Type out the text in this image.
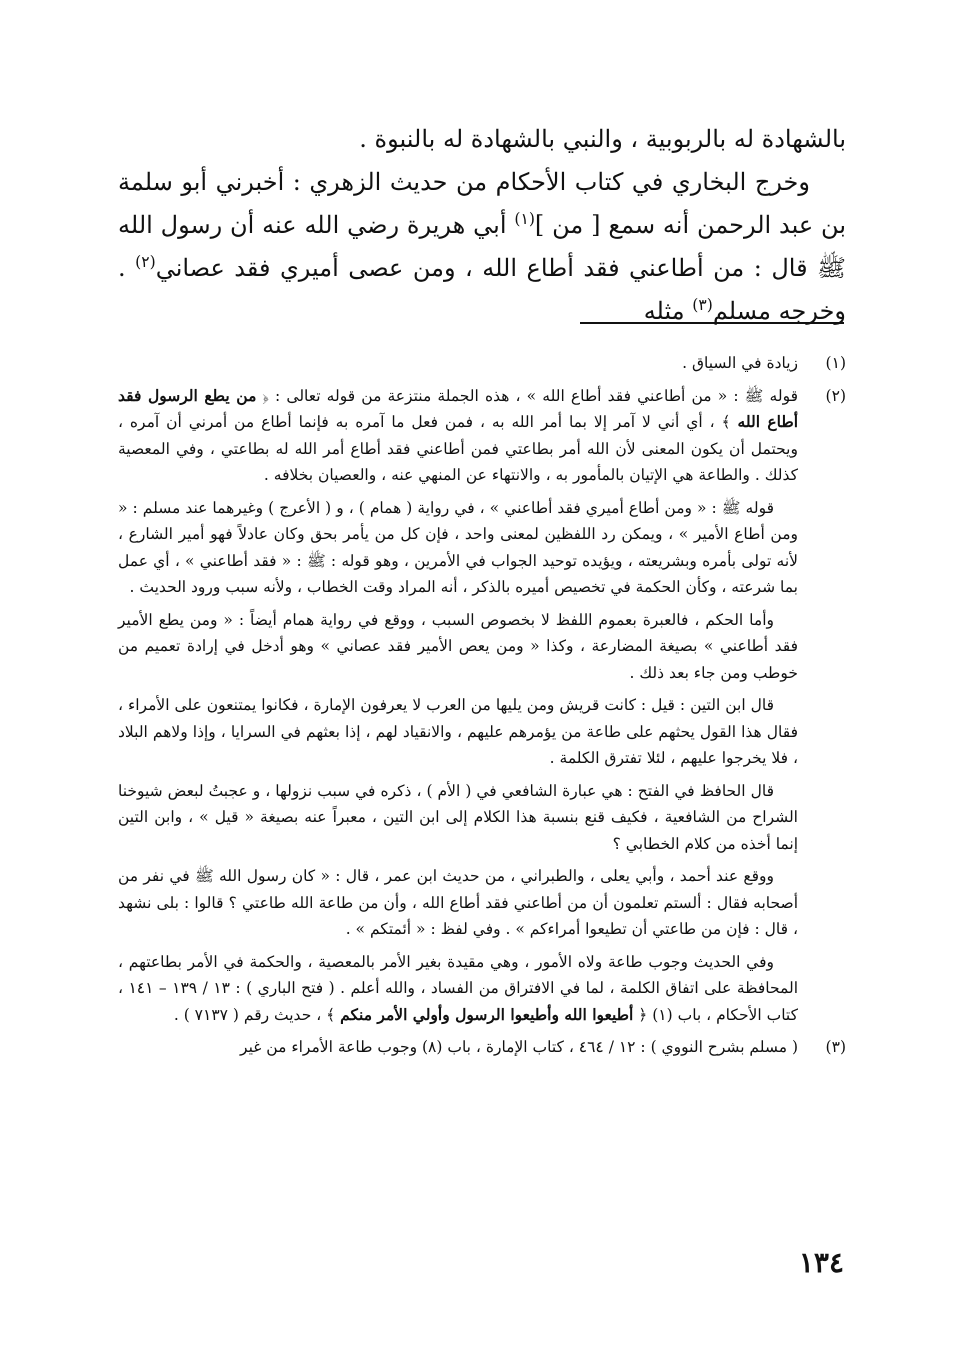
بالشهادة له بالربوبية ، والنبي بالشهادة له بالنبوة .

وخرج البخاري في كتاب الأحكام من حديث الزهري : أخبرني أبو سلمة بن عبد الرحمن أنه سمع [ من ]$^{(١)}$ أبي هريرة رضي الله عنه أن رسول الله ﷺ قال : من أطاعني فقد أطاع الله ، ومن عصى أميري فقد عصاني$^{(٢)}$ . وخرجه مسلم$^{(٣)}$ مثله

(١)

زيادة في السياق .

(٢)

قوله ﷺ : « من أطاعني فقد أطاع الله » ، هذه الجملة منتزعة من قوله تعالى : ﴿ من يطع الرسول فقد أطاع الله ﴾ ، أي أني لا آمر إلا بما أمر الله به ، فمن فعل ما آمره به فإنما أطاع من أمرني أن آمره ، ويحتمل أن يكون المعنى لأن الله أمر بطاعتي فمن أطاعني فقد أطاع أمر الله له بطاعتي ، وفي المعصية كذلك . والطاعة هي الإتيان بالمأمور به ، والانتهاء عن المنهي عنه ، والعصيان بخلافه .

قوله ﷺ : « ومن أطاع أميري فقد أطاعني » ، في رواية ( همام ) ، و ( الأعرج ) وغيرهما عند مسلم : « ومن أطاع الأمير » ، ويمكن رد اللفظين لمعنى واحد ، فإن كل من يأمر بحق وكان عادلاً فهو أمير الشارع ، لأنه تولى بأمره وبشريعته ، ويؤيده توحيد الجواب في الأمرين ، وهو قوله : ﷺ : « فقد أطاعني » ، أي عمل بما شرعته ، وكأن الحكمة في تخصيص أميره بالذكر ، أنه المراد وقت الخطاب ، ولأنه سبب ورود الحديث .

وأما الحكم ، فالعبرة بعموم اللفظ لا بخصوص السبب ، ووقع في رواية همام أيضاً : « ومن يطع الأمير فقد أطاعني » بصيغة المضارعة ، وكذا « ومن يعص الأمير فقد عصاني » وهو أدخل في إرادة تعميم من خوطب ومن جاء بعد ذلك .

قال ابن التين : قيل : كانت قريش ومن يليها من العرب لا يعرفون الإمارة ، فكانوا يمتنعون على الأمراء ، فقال هذا القول يحثهم على طاعة من يؤمرهم عليهم ، والانقياد لهم ، إذا بعثهم في السرايا ، وإذا ولاهم البلاد ، فلا يخرجوا عليهم ، لئلا تفترق الكلمة .

قال الحافظ في الفتح : هي عبارة الشافعي في ( الأم ) ، ذكره في سبب نزولها ، و عجبتُ لبعض شيوخنا الشراح من الشافعية ، فكيف قنع بنسبة هذا الكلام إلى ابن التين ، معبراً عنه بصيغة « قيل » ، وابن التين إنما أخذه من كلام الخطابي ؟

ووقع عند أحمد ، وأبي يعلى ، والطبراني ، من حديث ابن عمر ، قال : « كان رسول الله ﷺ في نفر من أصحابه فقال : ألستم تعلمون أن من أطاعني فقد أطاع الله ، وأن من طاعة الله طاعتي ؟ قالوا : بلى نشهد ، قال : فإن من طاعتي أن تطيعوا أمراءكم » . وفي لفظ : « أئمتكم » .

وفي الحديث وجوب طاعة ولاه الأمور ، وهي مقيدة بغير الأمر بالمعصية ، والحكمة في الأمر بطاعتهم ، المحافظة على اتفاق الكلمة ، لما في الافتراق من الفساد ، والله أعلم . ( فتح الباري ) : ١٣ / ١٣٩ – ١٤١ ، كتاب الأحكام ، باب (١) ﴿ أطيعوا الله وأطيعوا الرسول وأولي الأمر منكم ﴾ ، حديث رقم ( ٧١٣٧ ) .

(٣)

( مسلم بشرح النووي ) : ١٢ / ٤٦٤ ، كتاب الإمارة ، باب (٨) وجوب طاعة الأمراء من غير

١٣٤
